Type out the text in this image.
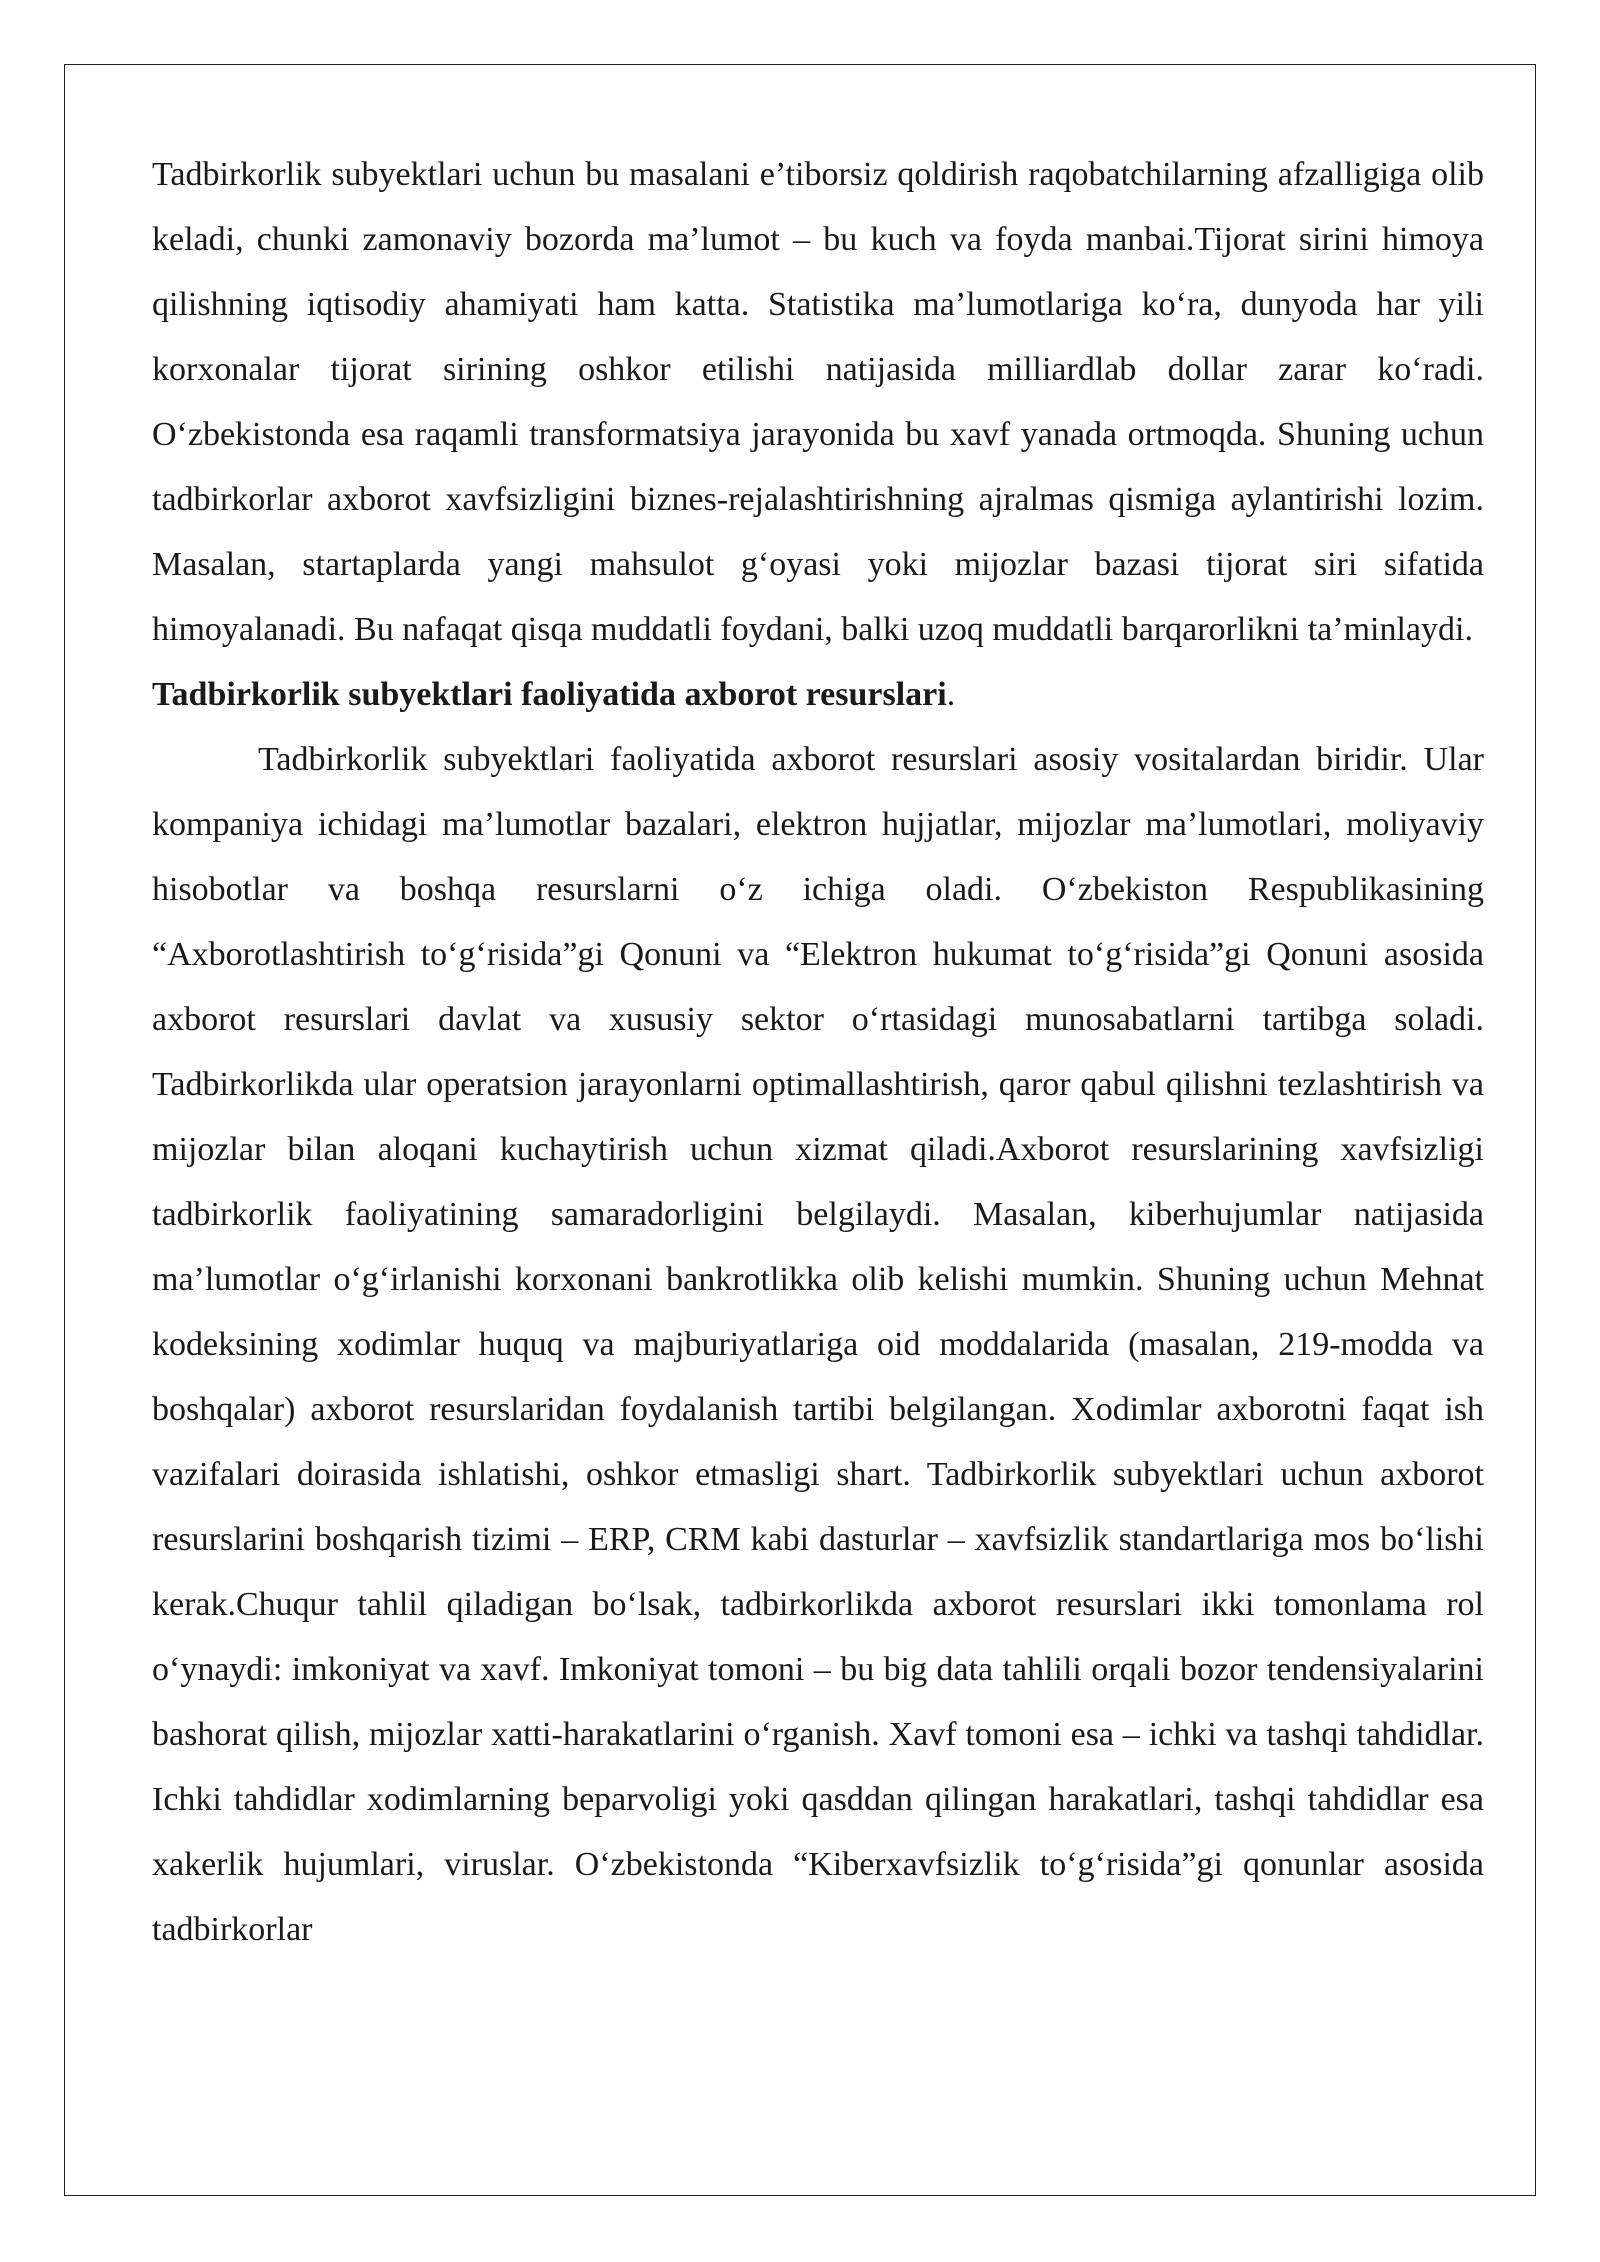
Tadbirkorlik subyektlari uchun bu masalani e’tiborsiz qoldirish raqobatchilarning afzalligiga olib keladi, chunki zamonaviy bozorda ma’lumot – bu kuch va foyda manbai.Tijorat sirini himoya qilishning iqtisodiy ahamiyati ham katta. Statistika ma’lumotlariga ko‘ra, dunyoda har yili korxonalar tijorat sirining oshkor etilishi natijasida milliardlab dollar zarar ko‘radi. O‘zbekistonda esa raqamli transformatsiya jarayonida bu xavf yanada ortmoqda. Shuning uchun tadbirkorlar axborot xavfsizligini biznes-rejalashtirishning ajralmas qismiga aylantirishi lozim. Masalan, startaplarda yangi mahsulot g‘oyasi yoki mijozlar bazasi tijorat siri sifatida himoyalanadi. Bu nafaqat qisqa muddatli foydani, balki uzoq muddatli barqarorlikni ta’minlaydi.

Tadbirkorlik subyektlari faoliyatida axborot resurslari.

Tadbirkorlik subyektlari faoliyatida axborot resurslari asosiy vositalardan biridir. Ular kompaniya ichidagi ma’lumotlar bazalari, elektron hujjatlar, mijozlar ma’lumotlari, moliyaviy hisobotlar va boshqa resurslarni o‘z ichiga oladi. O‘zbekiston Respublikasining “Axborotlashtirish to‘g‘risida”gi Qonuni va “Elektron hukumat to‘g‘risida”gi Qonuni asosida axborot resurslari davlat va xususiy sektor o‘rtasidagi munosabatlarni tartibga soladi. Tadbirkorlikda ular operatsion jarayonlarni optimallashtirish, qaror qabul qilishni tezlashtirish va mijozlar bilan aloqani kuchaytirish uchun xizmat qiladi.Axborot resurslarining xavfsizligi tadbirkorlik faoliyatining samaradorligini belgilaydi. Masalan, kiberhujumlar natijasida ma’lumotlar o‘g‘irlanishi korxonani bankrotlikka olib kelishi mumkin. Shuning uchun Mehnat kodeksining xodimlar huquq va majburiyatlariga oid moddalarida (masalan, 219-modda va boshqalar) axborot resurslaridan foydalanish tartibi belgilangan. Xodimlar axborotni faqat ish vazifalari doirasida ishlatishi, oshkor etmasligi shart. Tadbirkorlik subyektlari uchun axborot resurslarini boshqarish tizimi – ERP, CRM kabi dasturlar – xavfsizlik standartlariga mos bo‘lishi kerak.Chuqur tahlil qiladigan bo‘lsak, tadbirkorlikda axborot resurslari ikki tomonlama rol o‘ynaydi: imkoniyat va xavf. Imkoniyat tomoni – bu big data tahlili orqali bozor tendensiyalarini bashorat qilish, mijozlar xatti-harakatlarini o‘rganish. Xavf tomoni esa – ichki va tashqi tahdidlar. Ichki tahdidlar xodimlarning beparvoligi yoki qasddan qilingan harakatlari, tashqi tahdidlar esa xakerlik hujumlari, viruslar. O‘zbekistonda “Kiberxavfsizlik to‘g‘risida”gi qonunlar asosida tadbirkorlar
